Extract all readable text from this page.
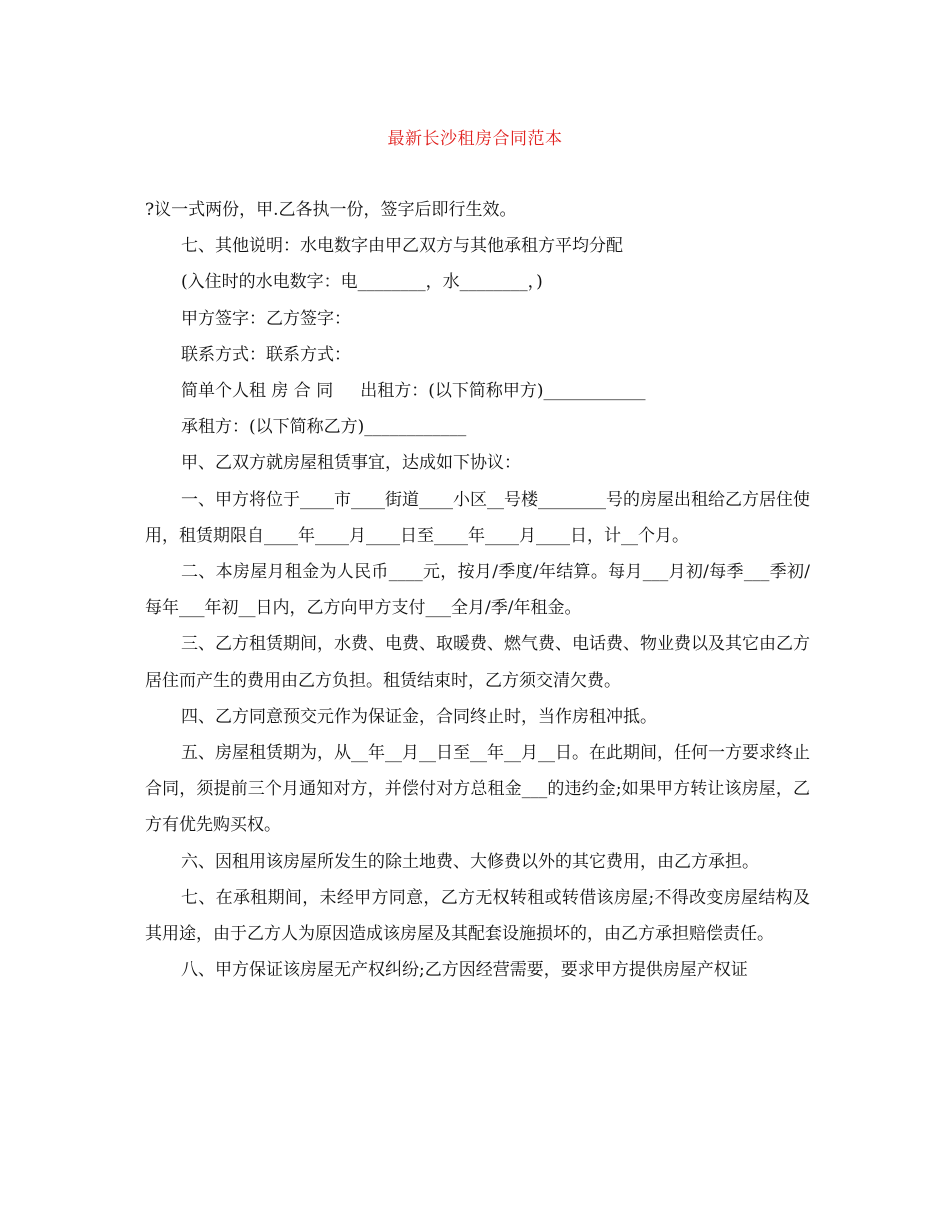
最新长沙租房合同范本

?议一式两份，甲.乙各执一份，签字后即行生效。

七、其他说明：水电数字由甲乙双方与其他承租方平均分配

(入住时的水电数字：电________，水________，)

甲方签字：乙方签字：

联系方式：联系方式：

简单个人租 房 合 同     出租方：(以下简称甲方)____________

承租方：(以下简称乙方)____________

甲、乙双方就房屋租赁事宜，达成如下协议：

一、甲方将位于____市____街道____小区__号楼________号的房屋出租给乙方居住使用，租赁期限自____年____月____日至____年____月____日，计__个月。

二、本房屋月租金为人民币____元，按月/季度/年结算。每月___月初/每季___季初/每年___年初__日内，乙方向甲方支付___全月/季/年租金。

三、乙方租赁期间，水费、电费、取暖费、燃气费、电话费、物业费以及其它由乙方居住而产生的费用由乙方负担。租赁结束时，乙方须交清欠费。

四、乙方同意预交元作为保证金，合同终止时，当作房租冲抵。

五、房屋租赁期为，从__年__月__日至__年__月__日。在此期间，任何一方要求终止合同，须提前三个月通知对方，并偿付对方总租金___的违约金;如果甲方转让该房屋，乙方有优先购买权。

六、因租用该房屋所发生的除土地费、大修费以外的其它费用，由乙方承担。

七、在承租期间，未经甲方同意，乙方无权转租或转借该房屋;不得改变房屋结构及其用途，由于乙方人为原因造成该房屋及其配套设施损坏的，由乙方承担赔偿责任。

八、甲方保证该房屋无产权纠纷;乙方因经营需要，要求甲方提供房屋产权证
